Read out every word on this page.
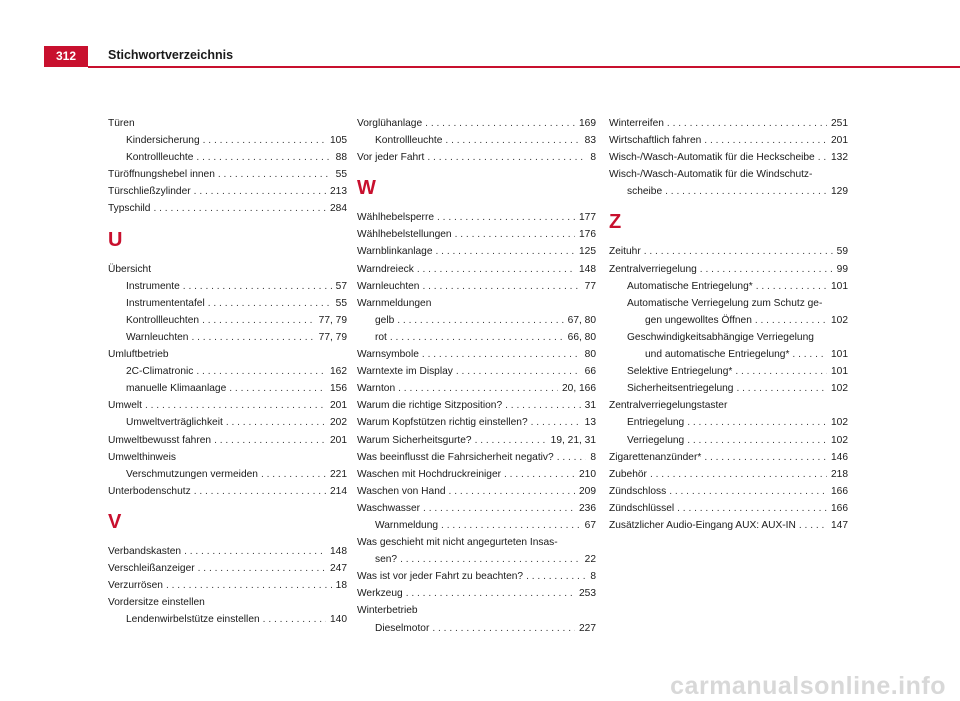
312	Stichwortverzeichnis
Türen
Kindersicherung . . .	105
Kontrollleuchte . . .	88
Türöffnungshebel innen . . .	55
Türschließzylinder . . .	213
Typschild . . .	284
U
Übersicht
Instrumente . . .	57
Instrumententafel . . .	55
Kontrollleuchten . . .	77, 79
Warnleuchten . . .	77, 79
Umluftbetrieb
2C-Climatronic . . .	162
manuelle Klimaanlage . . .	156
Umwelt . . .	201
Umweltverträglichkeit . . .	202
Umweltbewusst fahren . . .	201
Umwelthinweis
Verschmutzungen vermeiden . . .	221
Unterbodenschutz . . .	214
V
Verbandskasten . . .	148
Verschleißanzeiger . . .	247
Verzurrösen . . .	18
Vordersitze einstellen
Lendenwirbelstütze einstellen . . .	140
Vorglühanlage . . .	169
Kontrollleuchte . . .	83
Vor jeder Fahrt . . .	8
W
Wählhebelsperre . . .	177
Wählhebelstellungen . . .	176
Warnblinkanlage . . .	125
Warndreieck . . .	148
Warnleuchten . . .	77
Warnmeldungen
gelb . . .	67, 80
rot . . .	66, 80
Warnsymbole . . .	80
Warntexte im Display . . .	66
Warnton . . .	20, 166
Warum die richtige Sitzposition? . . .	31
Warum Kopfstützen richtig einstellen? . . .	13
Warum Sicherheitsgurte? . . .	19, 21, 31
Was beeinflusst die Fahrsicherheit negativ? . . .	8
Waschen mit Hochdruckreiniger . . .	210
Waschen von Hand . . .	209
Waschwasser . . .	236
Warnmeldung . . .	67
Was geschieht mit nicht angegurteten Insas-
sen? . . .	22
Was ist vor jeder Fahrt zu beachten? . . .	8
Werkzeug . . .	253
Winterbetrieb
Dieselmotor . . .	227
Winterreifen . . .	251
Wirtschaftlich fahren . . .	201
Wisch-/Wasch-Automatik für die Heckscheibe . . .	132
Wisch-/Wasch-Automatik für die Windschutz-
scheibe . . .	129
Z
Zeituhr . . .	59
Zentralverriegelung . . .	99
Automatische Entriegelung* . . .	101
Automatische Verriegelung zum Schutz ge-
gen ungewolltes Öffnen . . .	102
Geschwindigkeitsabhängige Verriegelung
und automatische Entriegelung* . . .	101
Selektive Entriegelung* . . .	101
Sicherheitsentriegelung . . .	102
Zentralverriegelungstaster
Entriegelung . . .	102
Verriegelung . . .	102
Zigarettenanzünder* . . .	146
Zubehör . . .	218
Zündschloss . . .	166
Zündschlüssel . . .	166
Zusätzlicher Audio-Eingang AUX: AUX-IN . . .	147
carmanualsonline.info
